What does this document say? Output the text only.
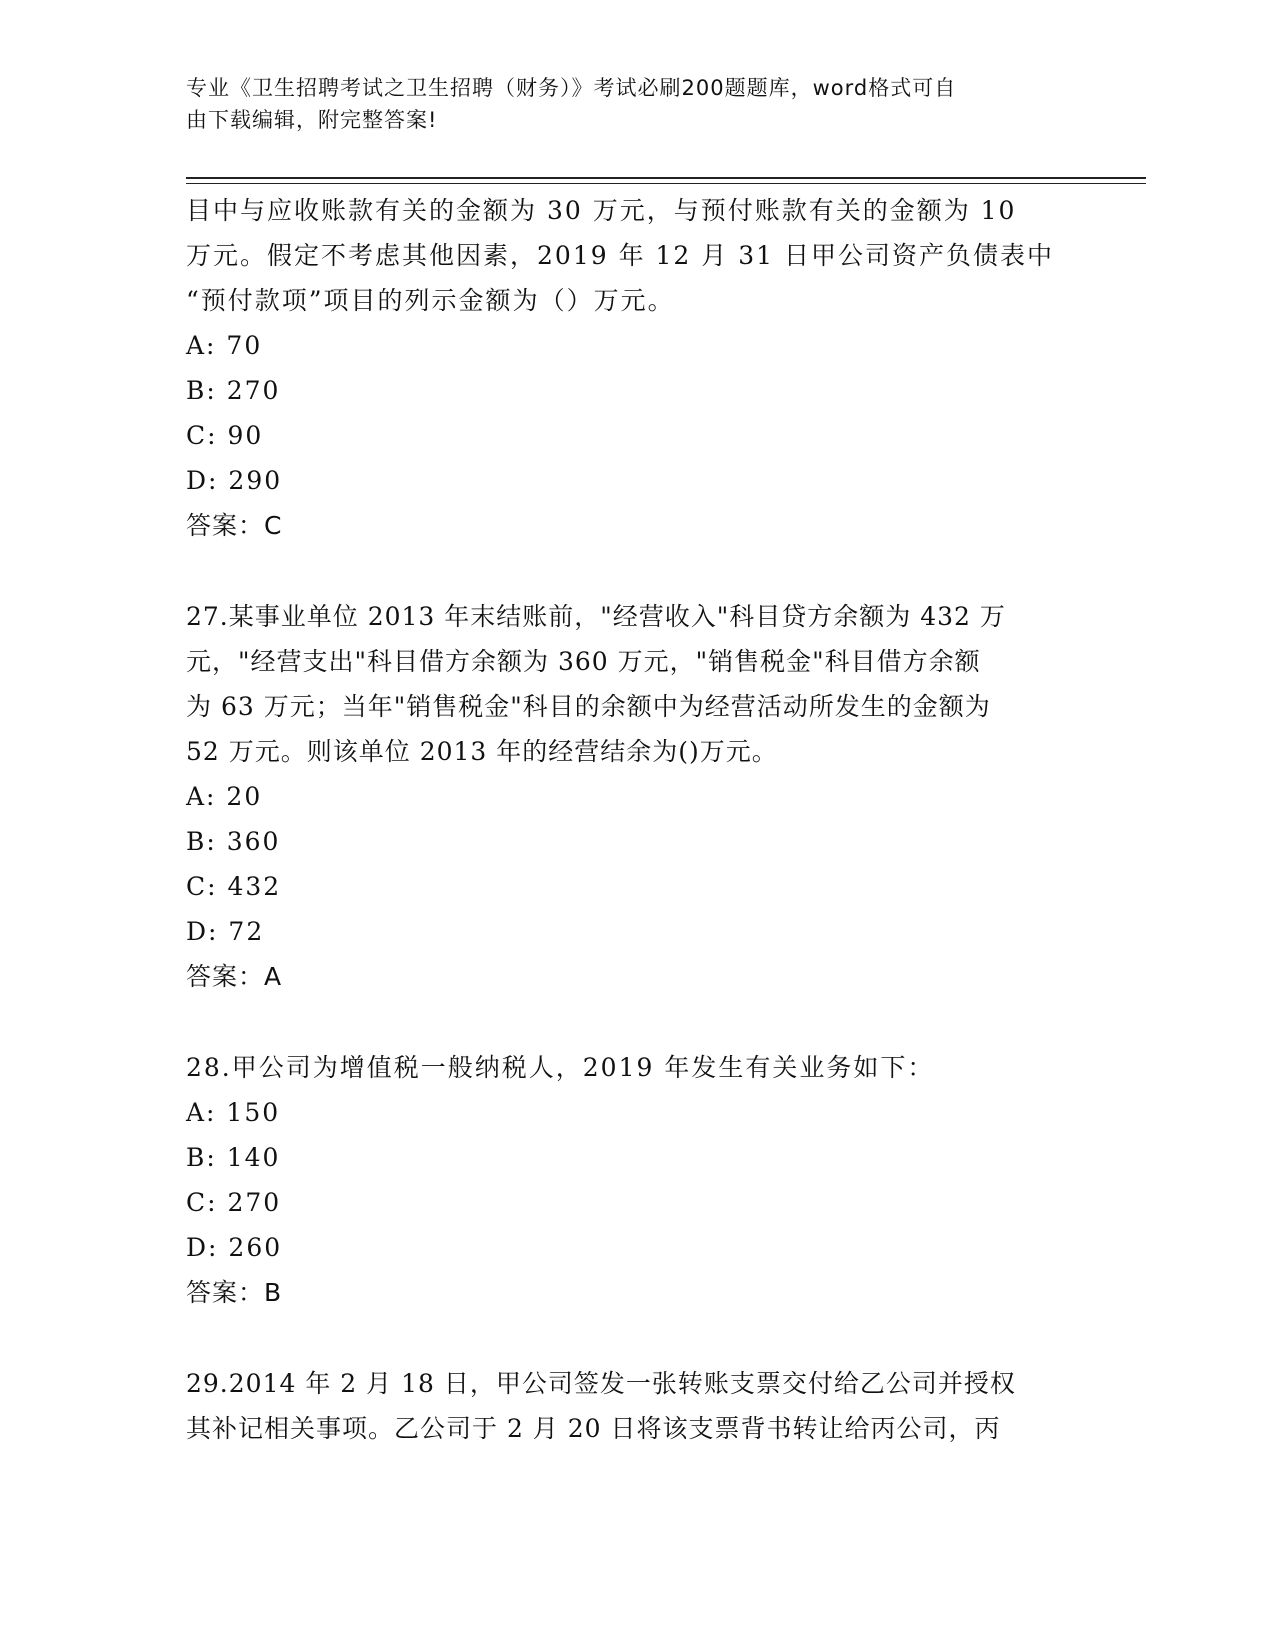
专业《卫生招聘考试之卫生招聘（财务）》考试必刷200题题库，word格式可自
由下载编辑，附完整答案!
目中与应收账款有关的金额为 30 万元，与预付账款有关的金额为 10
万元。假定不考虑其他因素，2019 年 12 月 31 日甲公司资产负债表中
“预付款项”项目的列示金额为（）万元。
A: 70
B: 270
C: 90
D: 290
答案：C
27.某事业单位 2013 年末结账前，"经营收入"科目贷方余额为 432 万
元，"经营支出"科目借方余额为 360 万元，"销售税金"科目借方余额
为 63 万元；当年"销售税金"科目的余额中为经营活动所发生的金额为
52 万元。则该单位 2013 年的经营结余为()万元。
A: 20
B: 360
C: 432
D: 72
答案：A
28.甲公司为增值税一般纳税人，2019 年发生有关业务如下：
A: 150
B: 140
C: 270
D: 260
答案：B
29.2014 年 2 月 18 日，甲公司签发一张转账支票交付给乙公司并授权
其补记相关事项。乙公司于 2 月 20 日将该支票背书转让给丙公司，丙
